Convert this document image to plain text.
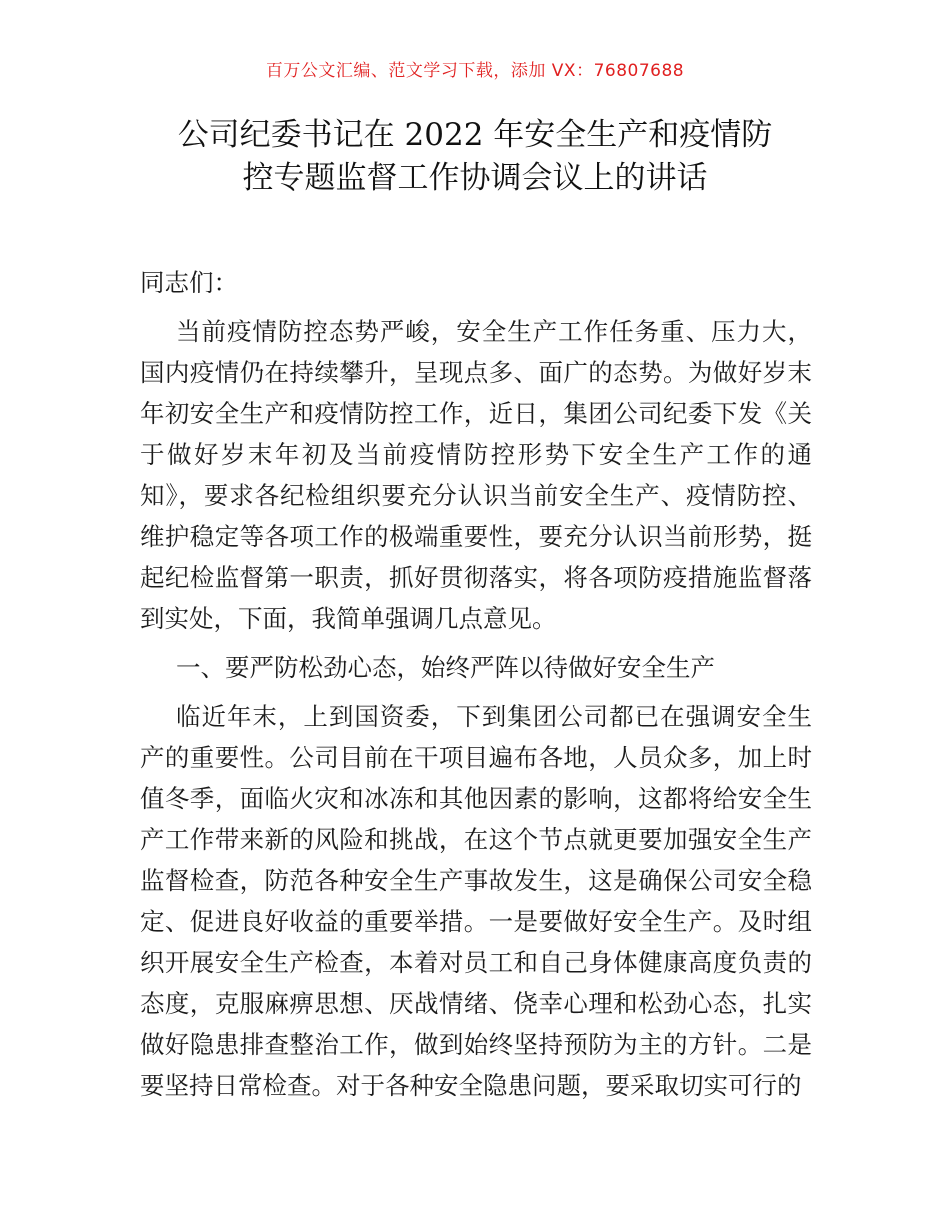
百万公文汇编、范文学习下载，添加 VX：76807688
公司纪委书记在 2022 年安全生产和疫情防
控专题监督工作协调会议上的讲话

同志们：

当前疫情防控态势严峻，安全生产工作任务重、压力大，国内疫情仍在持续攀升，呈现点多、面广的态势。为做好岁末年初安全生产和疫情防控工作，近日，集团公司纪委下发《关于做好岁末年初及当前疫情防控形势下安全生产工作的通知》，要求各纪检组织要充分认识当前安全生产、疫情防控、维护稳定等各项工作的极端重要性，要充分认识当前形势，挺起纪检监督第一职责，抓好贯彻落实，将各项防疫措施监督落到实处，下面，我简单强调几点意见。

一、要严防松劲心态，始终严阵以待做好安全生产

临近年末，上到国资委，下到集团公司都已在强调安全生产的重要性。公司目前在干项目遍布各地，人员众多，加上时值冬季，面临火灾和冰冻和其他因素的影响，这都将给安全生产工作带来新的风险和挑战，在这个节点就更要加强安全生产监督检查，防范各种安全生产事故发生，这是确保公司安全稳定、促进良好收益的重要举措。一是要做好安全生产。及时组织开展安全生产检查，本着对员工和自己身体健康高度负责的态度，克服麻痹思想、厌战情绪、侥幸心理和松劲心态，扎实做好隐患排查整治工作，做到始终坚持预防为主的方针。二是要坚持日常检查。对于各种安全隐患问题，要采取切实可行的
